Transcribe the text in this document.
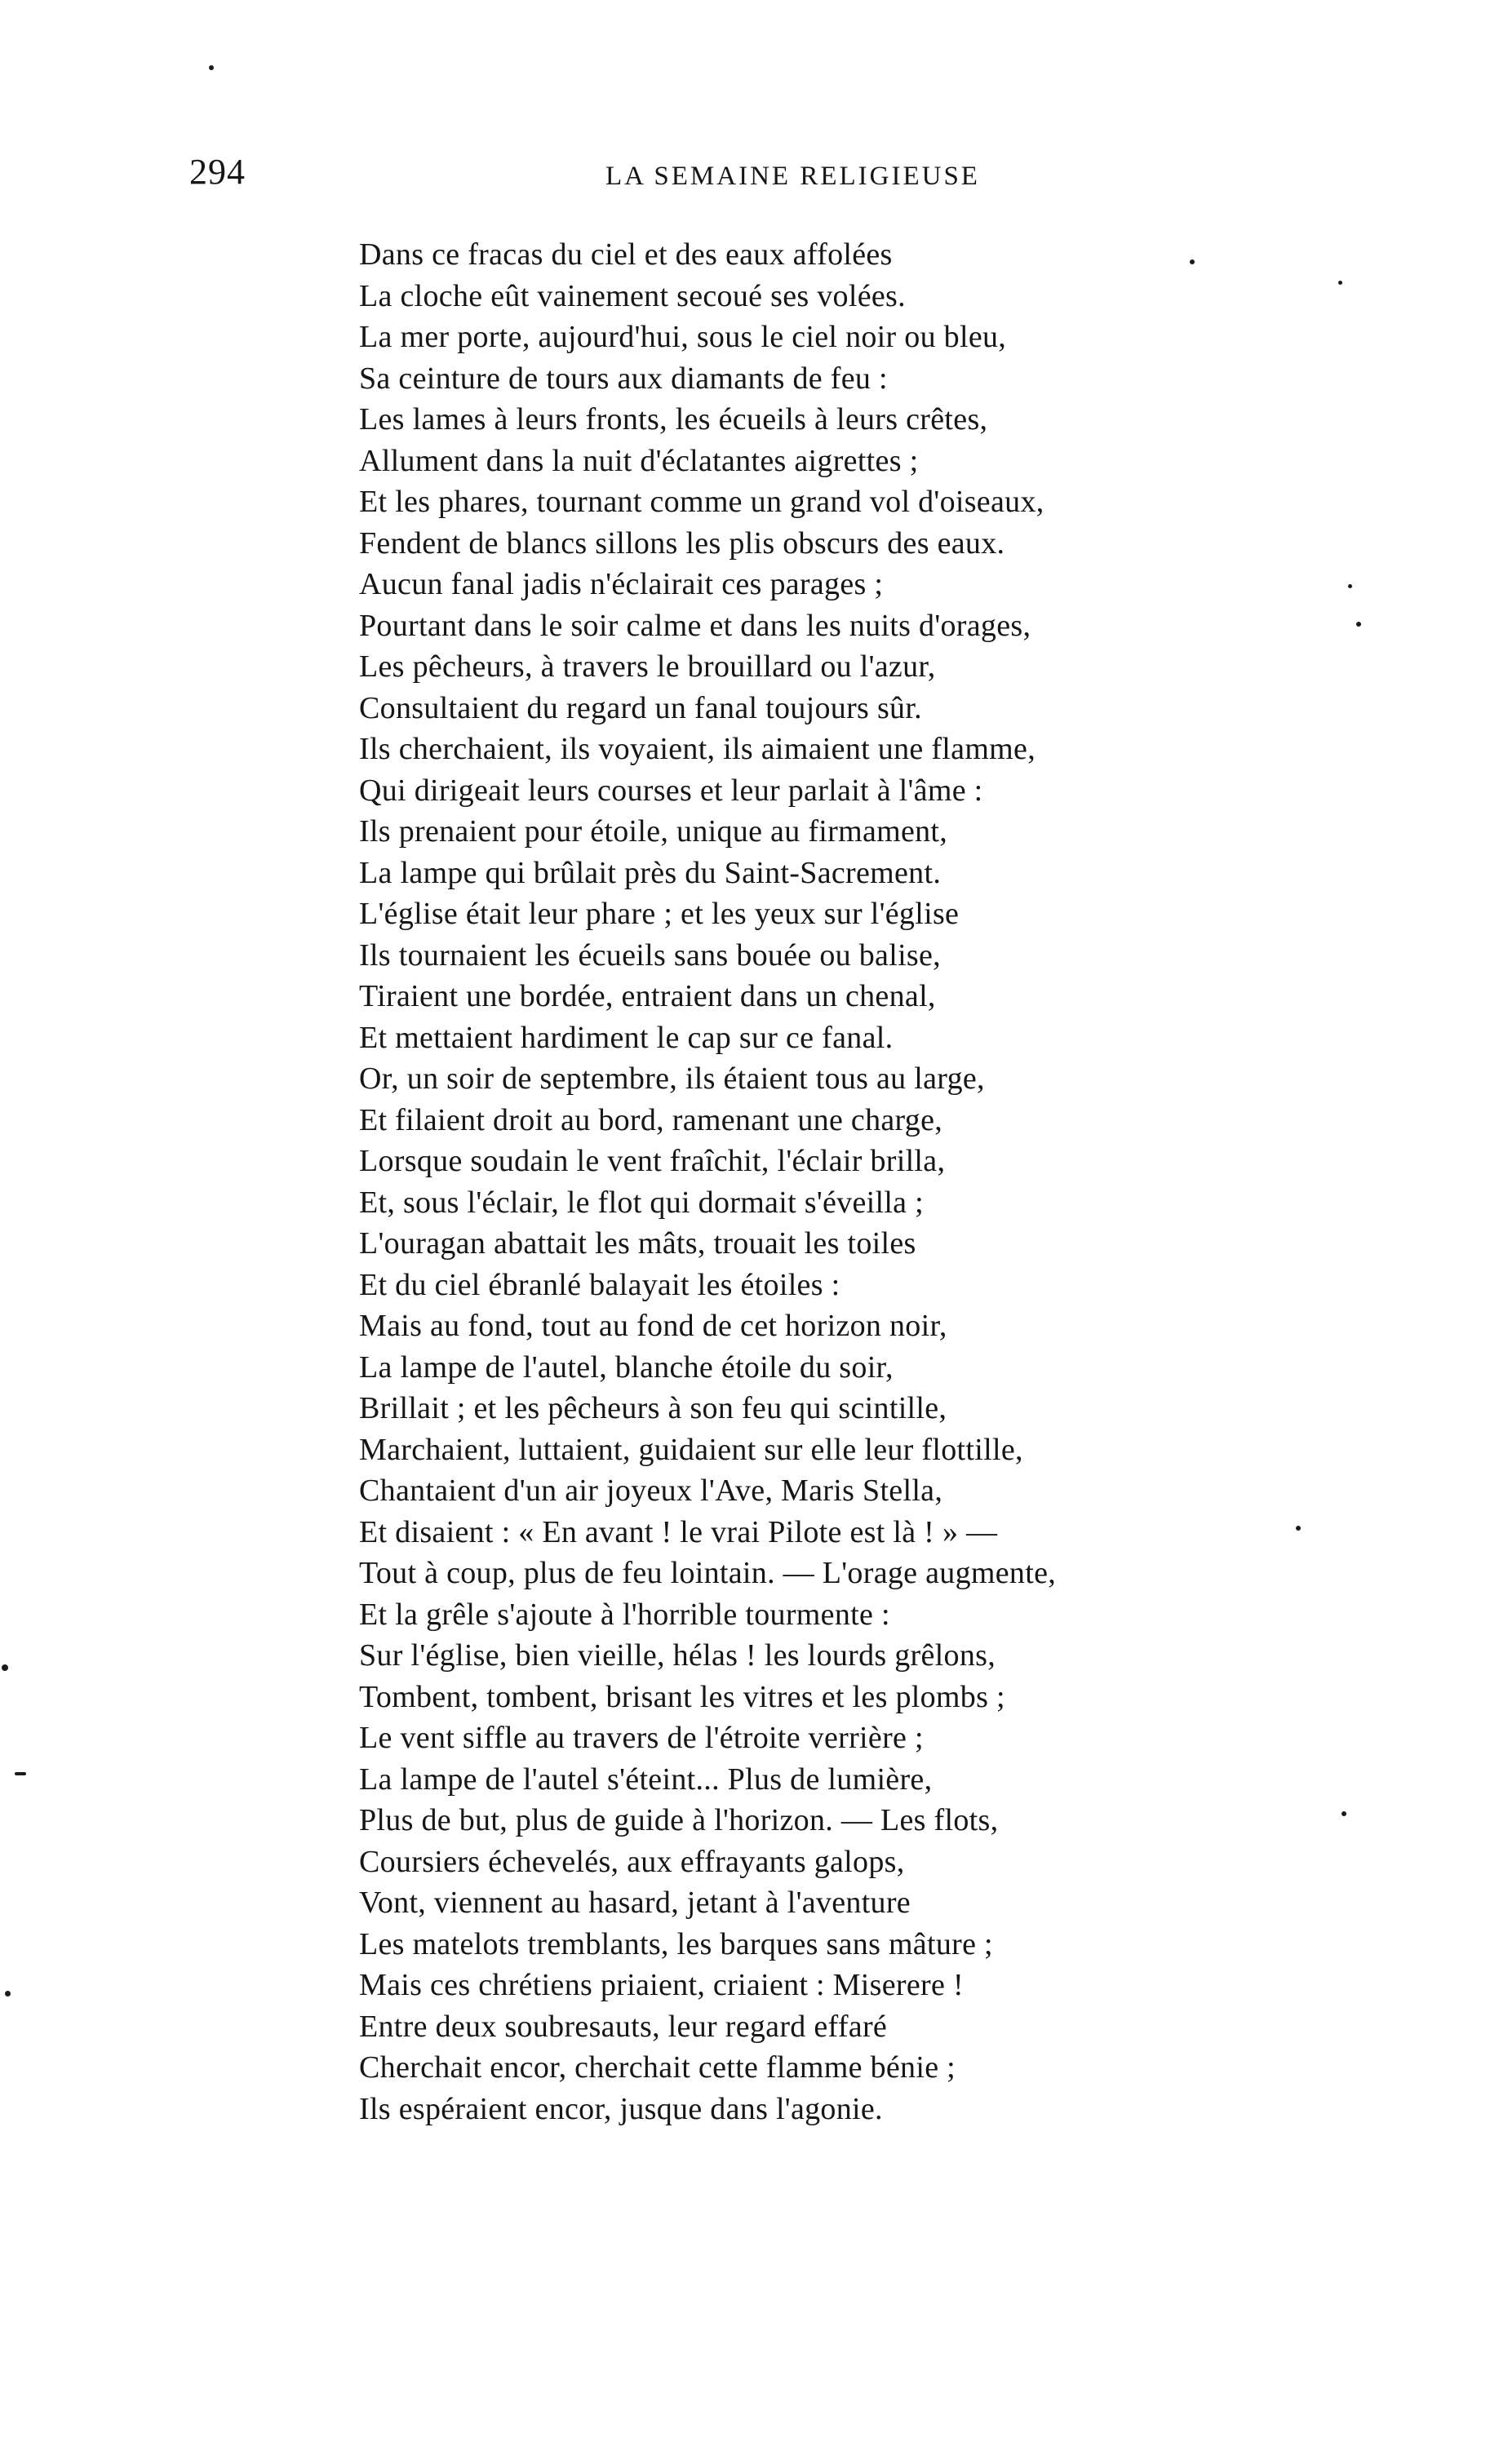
294	LA SEMAINE RELIGIEUSE
Dans ce fracas du ciel et des eaux affolées
La cloche eût vainement secoué ses volées.
La mer porte, aujourd'hui, sous le ciel noir ou bleu,
Sa ceinture de tours aux diamants de feu :
Les lames à leurs fronts, les écueils à leurs crêtes,
Allument dans la nuit d'éclatantes aigrettes ;
Et les phares, tournant comme un grand vol d'oiseaux,
Fendent de blancs sillons les plis obscurs des eaux.
Aucun fanal jadis n'éclairait ces parages ;
Pourtant dans le soir calme et dans les nuits d'orages,
Les pêcheurs, à travers le brouillard ou l'azur,
Consultaient du regard un fanal toujours sûr.
Ils cherchaient, ils voyaient, ils aimaient une flamme,
Qui dirigeait leurs courses et leur parlait à l'âme :
Ils prenaient pour étoile, unique au firmament,
La lampe qui brûlait près du Saint-Sacrement.
L'église était leur phare ; et les yeux sur l'église
Ils tournaient les écueils sans bouée ou balise,
Tiraient une bordée, entraient dans un chenal,
Et mettaient hardiment le cap sur ce fanal.
Or, un soir de septembre, ils étaient tous au large,
Et filaient droit au bord, ramenant une charge,
Lorsque soudain le vent fraîchit, l'éclair brilla,
Et, sous l'éclair, le flot qui dormait s'éveilla ;
L'ouragan abattait les mâts, trouait les toiles
Et du ciel ébranlé balayait les étoiles :
Mais au fond, tout au fond de cet horizon noir,
La lampe de l'autel, blanche étoile du soir,
Brillait ; et les pêcheurs à son feu qui scintille,
Marchaient, luttaient, guidaient sur elle leur flottille,
Chantaient d'un air joyeux l'Ave, Maris Stella,
Et disaient : « En avant ! le vrai Pilote est là ! » —
Tout à coup, plus de feu lointain. — L'orage augmente,
Et la grêle s'ajoute à l'horrible tourmente :
Sur l'église, bien vieille, hélas ! les lourds grêlons,
Tombent, tombent, brisant les vitres et les plombs ;
Le vent siffle au travers de l'étroite verrière ;
La lampe de l'autel s'éteint... Plus de lumière,
Plus de but, plus de guide à l'horizon. — Les flots,
Coursiers échevelés, aux effrayants galops,
Vont, viennent au hasard, jetant à l'aventure
Les matelots tremblants, les barques sans mâture ;
Mais ces chrétiens priaient, criaient : Miserere !
Entre deux soubresauts, leur regard effaré
Cherchait encor, cherchait cette flamme bénie ;
Ils espéraient encor, jusque dans l'agonie.
